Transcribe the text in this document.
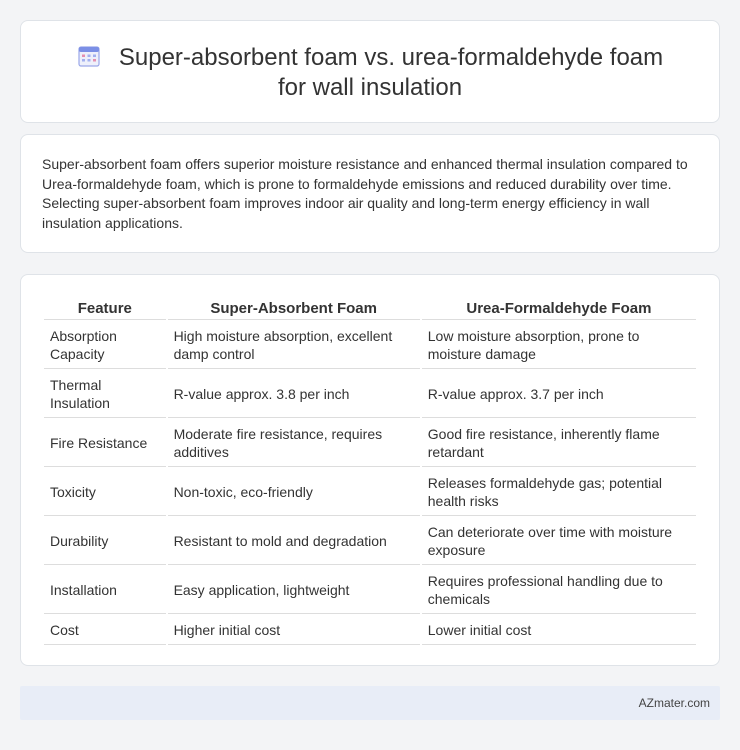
Super-absorbent foam vs. urea-formaldehyde foam for wall insulation

Super-absorbent foam offers superior moisture resistance and enhanced thermal insulation compared to Urea-formaldehyde foam, which is prone to formaldehyde emissions and reduced durability over time. Selecting super-absorbent foam improves indoor air quality and long-term energy efficiency in wall insulation applications.

Feature	Super-Absorbent Foam	Urea-Formaldehyde Foam
Absorption Capacity	High moisture absorption, excellent damp control	Low moisture absorption, prone to moisture damage
Thermal Insulation	R-value approx. 3.8 per inch	R-value approx. 3.7 per inch
Fire Resistance	Moderate fire resistance, requires additives	Good fire resistance, inherently flame retardant
Toxicity	Non-toxic, eco-friendly	Releases formaldehyde gas; potential health risks
Durability	Resistant to mold and degradation	Can deteriorate over time with moisture exposure
Installation	Easy application, lightweight	Requires professional handling due to chemicals
Cost	Higher initial cost	Lower initial cost
AZmater.com
